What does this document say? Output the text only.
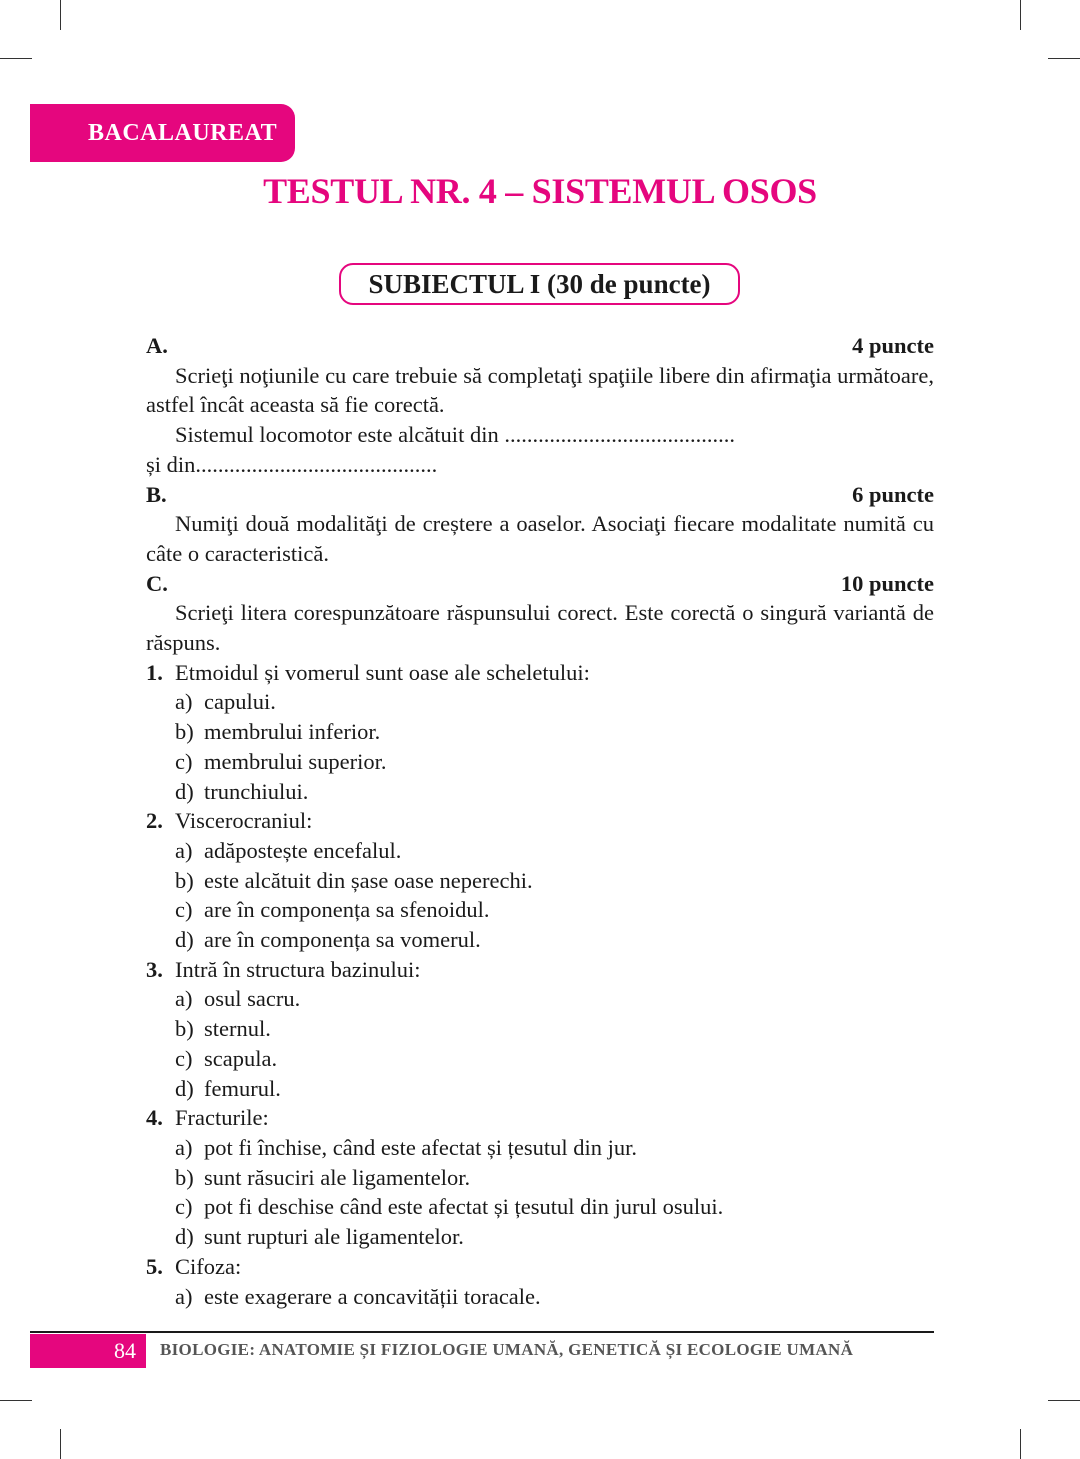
BACALAUREAT
TESTUL NR. 4 – SISTEMUL OSOS
SUBIECTUL I (30 de puncte)
A.	4 puncte

Scrieţi noţiunile cu care trebuie să completaţi spaţiile libere din afirmaţia următoare, astfel încât aceasta să fie corectă.

Sistemul locomotor este alcătuit din .........................................
și din...........................................
B.	6 puncte

Numiţi două modalităţi de creștere a oaselor. Asociaţi fiecare modalitate numită cu câte o caracteristică.

C.	10 puncte

Scrieţi litera corespunzătoare răspunsului corect. Este corectă o singură variantă de răspuns.

1. Etmoidul și vomerul sunt oase ale scheletului:
a) capului.
b) membrului inferior.
c) membrului superior.
d) trunchiului.
2. Viscerocraniul:
a) adăpostește encefalul.
b) este alcătuit din șase oase neperechi.
c) are în componența sa sfenoidul.
d) are în componența sa vomerul.
3. Intră în structura bazinului:
a) osul sacru.
b) sternul.
c) scapula.
d) femurul.
4. Fracturile:
a) pot fi închise, când este afectat și țesutul din jur.
b) sunt răsuciri ale ligamentelor.
c) pot fi deschise când este afectat și țesutul din jurul osului.
d) sunt rupturi ale ligamentelor.
5. Cifoza:
a) este exagerare a concavității toracale.
84	BIOLOGIE: ANATOMIE ȘI FIZIOLOGIE UMANĂ, GENETICĂ ȘI ECOLOGIE UMANĂ
